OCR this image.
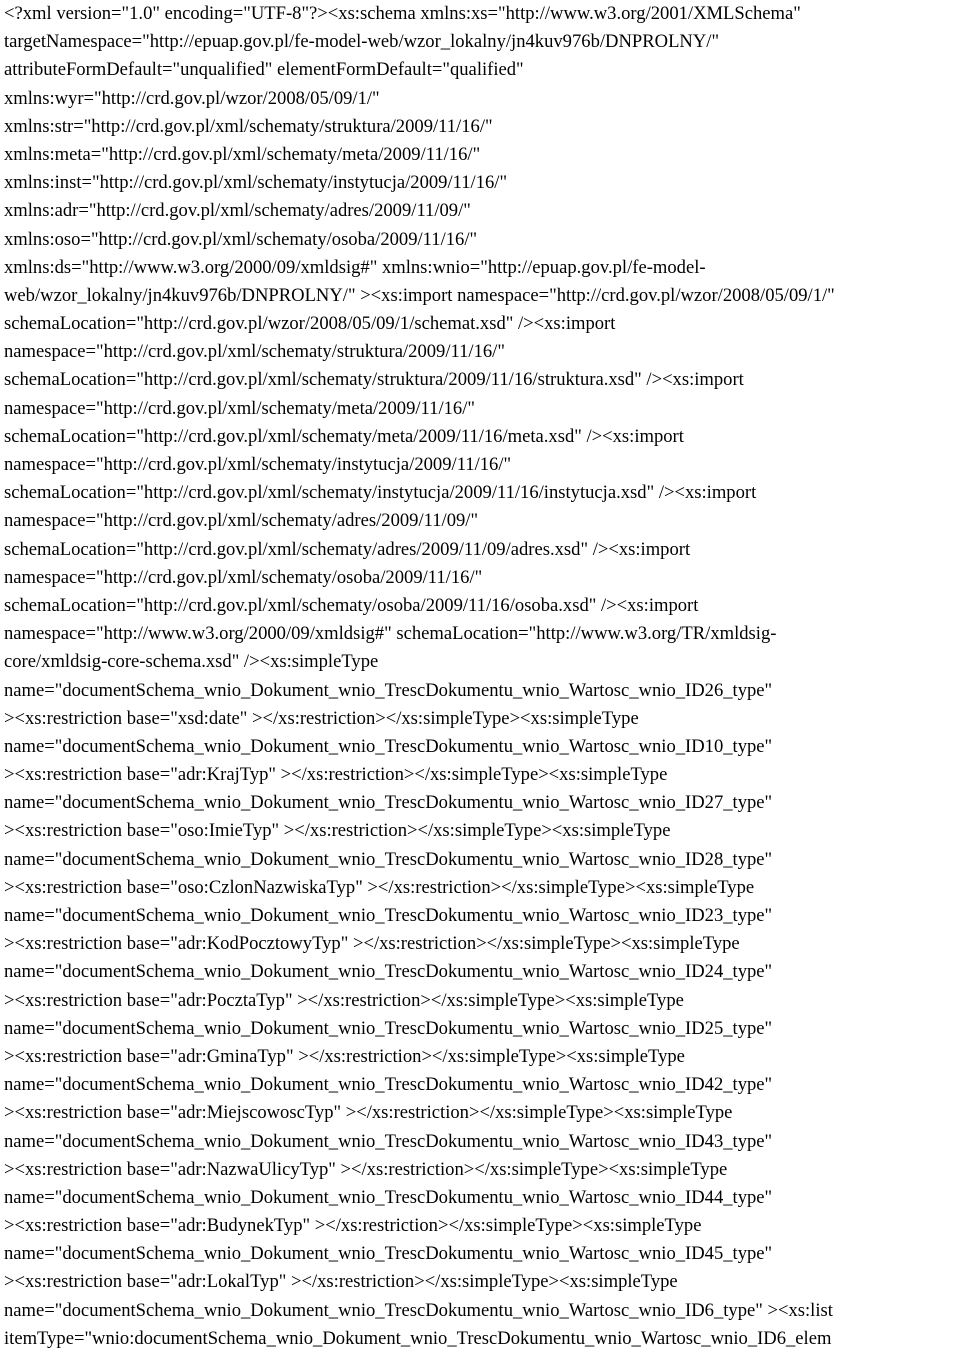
<?xml version="1.0" encoding="UTF-8"?><xs:schema xmlns:xs="http://www.w3.org/2001/XMLSchema"
targetNamespace="http://epuap.gov.pl/fe-model-web/wzor_lokalny/jn4kuv976b/DNPROLNY/"
attributeFormDefault="unqualified" elementFormDefault="qualified"
xmlns:wyr="http://crd.gov.pl/wzor/2008/05/09/1/"
xmlns:str="http://crd.gov.pl/xml/schematy/struktura/2009/11/16/"
xmlns:meta="http://crd.gov.pl/xml/schematy/meta/2009/11/16/"
xmlns:inst="http://crd.gov.pl/xml/schematy/instytucja/2009/11/16/"
xmlns:adr="http://crd.gov.pl/xml/schematy/adres/2009/11/09/"
xmlns:oso="http://crd.gov.pl/xml/schematy/osoba/2009/11/16/"
xmlns:ds="http://www.w3.org/2000/09/xmldsig#" xmlns:wnio="http://epuap.gov.pl/fe-model-
web/wzor_lokalny/jn4kuv976b/DNPROLNY/" ><xs:import namespace="http://crd.gov.pl/wzor/2008/05/09/1/"
schemaLocation="http://crd.gov.pl/wzor/2008/05/09/1/schemat.xsd" /><xs:import
namespace="http://crd.gov.pl/xml/schematy/struktura/2009/11/16/"
schemaLocation="http://crd.gov.pl/xml/schematy/struktura/2009/11/16/struktura.xsd" /><xs:import
namespace="http://crd.gov.pl/xml/schematy/meta/2009/11/16/"
schemaLocation="http://crd.gov.pl/xml/schematy/meta/2009/11/16/meta.xsd" /><xs:import
namespace="http://crd.gov.pl/xml/schematy/instytucja/2009/11/16/"
schemaLocation="http://crd.gov.pl/xml/schematy/instytucja/2009/11/16/instytucja.xsd" /><xs:import
namespace="http://crd.gov.pl/xml/schematy/adres/2009/11/09/"
schemaLocation="http://crd.gov.pl/xml/schematy/adres/2009/11/09/adres.xsd" /><xs:import
namespace="http://crd.gov.pl/xml/schematy/osoba/2009/11/16/"
schemaLocation="http://crd.gov.pl/xml/schematy/osoba/2009/11/16/osoba.xsd" /><xs:import
namespace="http://www.w3.org/2000/09/xmldsig#" schemaLocation="http://www.w3.org/TR/xmldsig-
core/xmldsig-core-schema.xsd" /><xs:simpleType
name="documentSchema_wnio_Dokument_wnio_TrescDokumentu_wnio_Wartosc_wnio_ID26_type"
><xs:restriction base="xsd:date" ></xs:restriction></xs:simpleType><xs:simpleType
name="documentSchema_wnio_Dokument_wnio_TrescDokumentu_wnio_Wartosc_wnio_ID10_type"
><xs:restriction base="adr:KrajTyp" ></xs:restriction></xs:simpleType><xs:simpleType
name="documentSchema_wnio_Dokument_wnio_TrescDokumentu_wnio_Wartosc_wnio_ID27_type"
><xs:restriction base="oso:ImieTyp" ></xs:restriction></xs:simpleType><xs:simpleType
name="documentSchema_wnio_Dokument_wnio_TrescDokumentu_wnio_Wartosc_wnio_ID28_type"
><xs:restriction base="oso:CzlonNazwiskaTyp" ></xs:restriction></xs:simpleType><xs:simpleType
name="documentSchema_wnio_Dokument_wnio_TrescDokumentu_wnio_Wartosc_wnio_ID23_type"
><xs:restriction base="adr:KodPocztowyTyp" ></xs:restriction></xs:simpleType><xs:simpleType
name="documentSchema_wnio_Dokument_wnio_TrescDokumentu_wnio_Wartosc_wnio_ID24_type"
><xs:restriction base="adr:PocztaTyp" ></xs:restriction></xs:simpleType><xs:simpleType
name="documentSchema_wnio_Dokument_wnio_TrescDokumentu_wnio_Wartosc_wnio_ID25_type"
><xs:restriction base="adr:GminaTyp" ></xs:restriction></xs:simpleType><xs:simpleType
name="documentSchema_wnio_Dokument_wnio_TrescDokumentu_wnio_Wartosc_wnio_ID42_type"
><xs:restriction base="adr:MiejscowoscTyp" ></xs:restriction></xs:simpleType><xs:simpleType
name="documentSchema_wnio_Dokument_wnio_TrescDokumentu_wnio_Wartosc_wnio_ID43_type"
><xs:restriction base="adr:NazwaUlicyTyp" ></xs:restriction></xs:simpleType><xs:simpleType
name="documentSchema_wnio_Dokument_wnio_TrescDokumentu_wnio_Wartosc_wnio_ID44_type"
><xs:restriction base="adr:BudynekTyp" ></xs:restriction></xs:simpleType><xs:simpleType
name="documentSchema_wnio_Dokument_wnio_TrescDokumentu_wnio_Wartosc_wnio_ID45_type"
><xs:restriction base="adr:LokalTyp" ></xs:restriction></xs:simpleType><xs:simpleType
name="documentSchema_wnio_Dokument_wnio_TrescDokumentu_wnio_Wartosc_wnio_ID6_type" ><xs:list
itemType="wnio:documentSchema_wnio_Dokument_wnio_TrescDokumentu_wnio_Wartosc_wnio_ID6_elem
